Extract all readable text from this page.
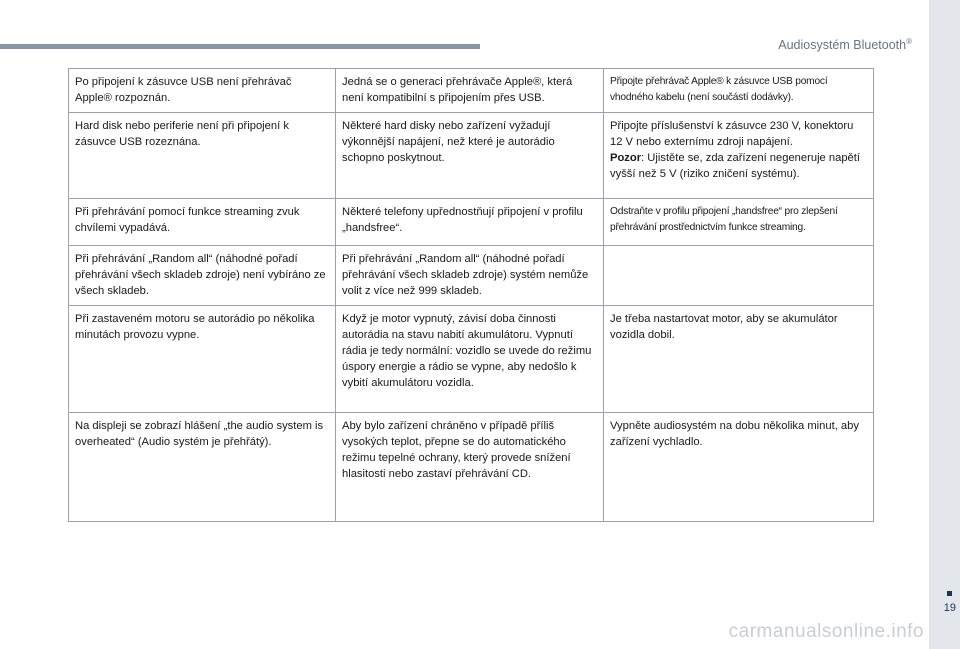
Audiosystém Bluetooth®
Po připojení k zásuvce USB není přehrávač Apple® rozpoznán.	Jedná se o generaci přehrávače Apple®, která není kompatibilní s připojením přes USB.	Připojte přehrávač Apple® k zásuvce USB pomocí vhodného kabelu (není součástí dodávky).
Hard disk nebo periferie není při připojení k zásuvce USB rozeznána.	Některé hard disky nebo zařízení vyžadují výkonnější napájení, než které je autorádio schopno poskytnout.	Připojte příslušenství k zásuvce 230 V, konektoru 12 V nebo externímu zdroji napájení.
Pozor: Ujistěte se, zda zařízení negeneruje napětí vyšší než 5 V (riziko zničení systému).
Při přehrávání pomocí funkce streaming zvuk chvílemi vypadává.	Některé telefony upřednostňují připojení v profilu „handsfree“.	Odstraňte v profilu připojení „handsfree“ pro zlepšení přehrávání prostřednictvím funkce streaming.
Při přehrávání „Random all“ (náhodné pořadí přehrávání všech skladeb zdroje) není vybíráno ze všech skladeb.	Při přehrávání „Random all“ (náhodné pořadí přehrávání všech skladeb zdroje) systém nemůže volit z více než 999 skladeb.	
Při zastaveném motoru se autorádio po několika minutách provozu vypne.	Když je motor vypnutý, závisí doba činnosti autorádia na stavu nabití akumulátoru. Vypnutí rádia je tedy normální: vozidlo se uvede do režimu úspory energie a rádio se vypne, aby nedošlo k vybití akumulátoru vozidla.	Je třeba nastartovat motor, aby se akumulátor vozidla dobil.
Na displeji se zobrazí hlášení „the audio system is overheated“ (Audio systém je přehřátý).	Aby bylo zařízení chráněno v případě příliš vysokých teplot, přepne se do automatického režimu tepelné ochrany, který provede snížení hlasitosti nebo zastaví přehrávání CD.	Vypněte audiosystém na dobu několika minut, aby zařízení vychladlo.
19
carmanualsonline.info
